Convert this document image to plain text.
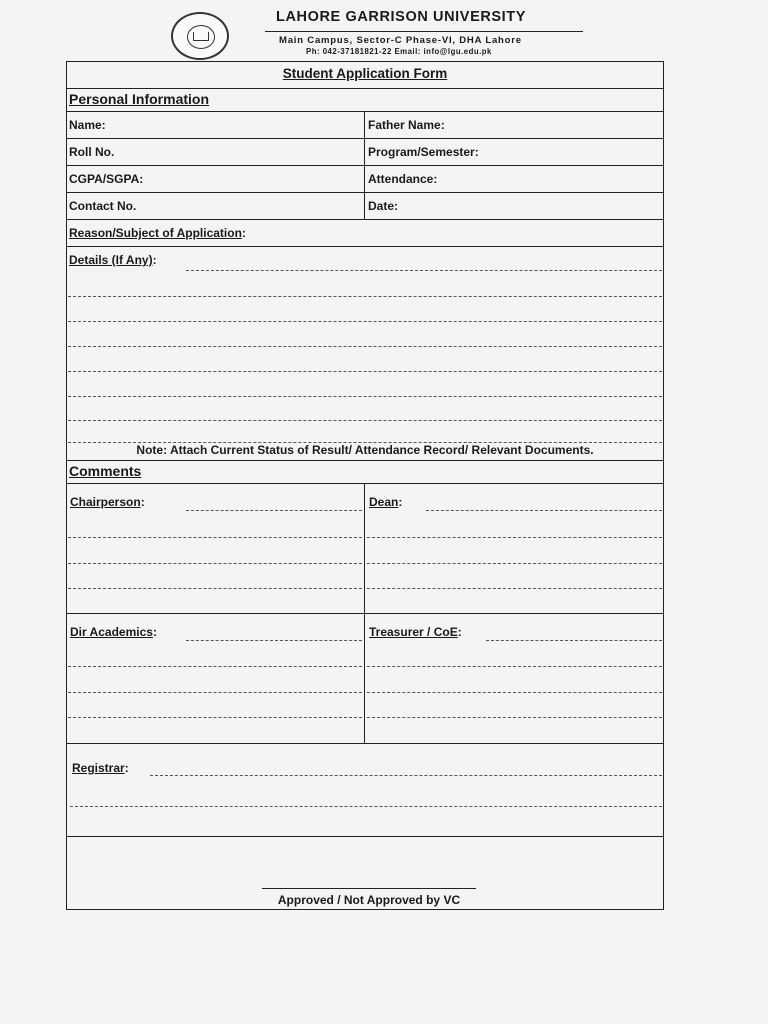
LAHORE GARRISON UNIVERSITY
Main Campus, Sector-C Phase-VI, DHA Lahore
Ph: 042-37181821-22 Email: info@lgu.edu.pk
Student Application Form
Personal Information
Name:	Father Name:
Roll No.	Program/Semester:
CGPA/SGPA:	Attendance:
Contact No.	Date:
Reason/Subject of Application:
Details (If Any):
Note: Attach Current Status of Result/ Attendance Record/ Relevant Documents.
Comments
Chairperson:	Dean:
Dir Academics:	Treasurer / CoE:
Registrar:
Approved / Not Approved by VC
